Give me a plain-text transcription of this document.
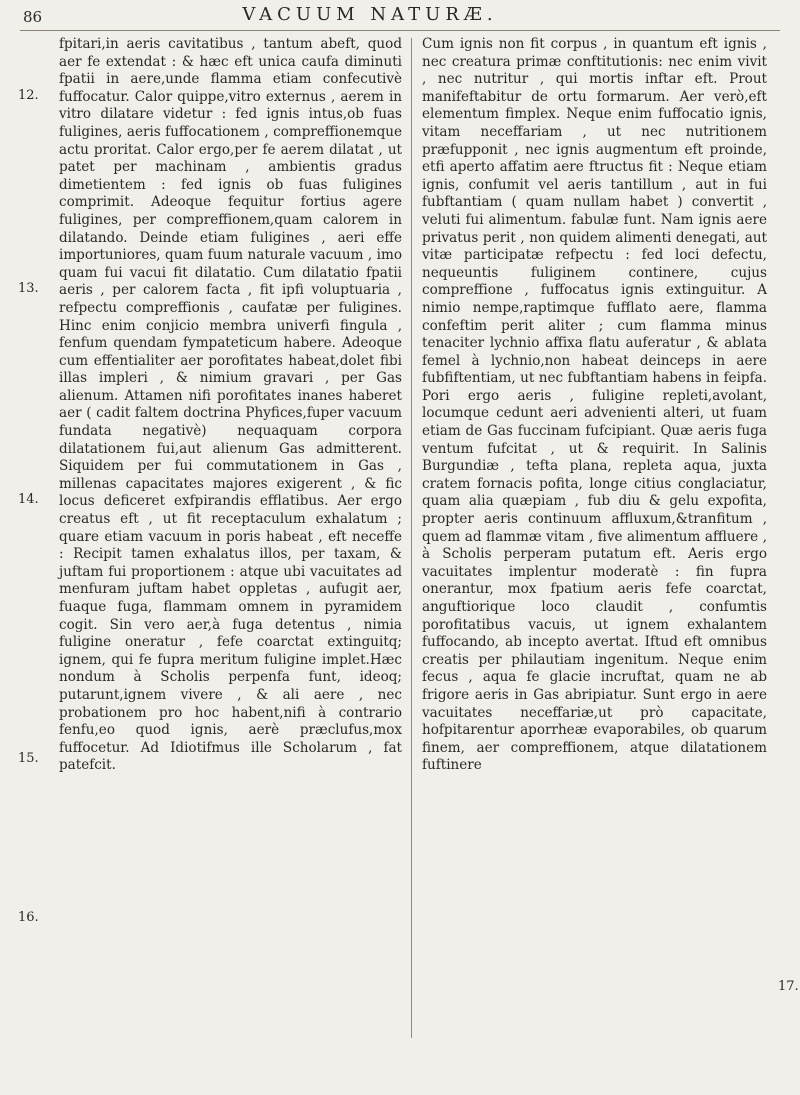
86	VACUUM NATURÆ.
12.
13.
14.
15.
16.
17.

fpitari,in aeris cavitatibus , tantum abeft, quod aer fe extendat : & hæc eft unica caufa diminuti fpatii in aere,unde flamma etiam confecutivè fuffocatur. Calor quippe,vitro externus , aerem in vitro dilatare videtur : fed ignis intus,ob fuas fuligines, aeris fuffocationem , compreffionemque actu proritat. Calor ergo,per fe aerem dilatat , ut patet per machinam , ambientis gradus dimetientem : fed ignis ob fuas fuligines comprimit. Adeoque fequitur fortius agere fuligines, per compreffionem,quam calorem in dilatando. Deinde etiam fuligines , aeri effe importuniores, quam fuum naturale vacuum , imo quam fui vacui fit dilatatio. Cum dilatatio fpatii aeris , per calorem facta , fit ipfi voluptuaria , refpectu compreffionis , caufatæ per fuligines. Hinc enim conjicio membra univerfi fingula , fenfum quendam fympateticum habere. Adeoque cum effentialiter aer porofitates habeat,dolet fibi illas impleri , & nimium gravari , per Gas alienum. Attamen nifi porofitates inanes haberet aer ( cadit faltem doctrina Phyfices,fuper vacuum fundata negativè) nequaquam corpora dilatationem fui,aut alienum Gas admitterent. Siquidem per fui commutationem in Gas , millenas capacitates majores exigerent , & fic locus deficeret exfpirandis efflatibus. Aer ergo creatus eft , ut fit receptaculum exhalatum ; quare etiam vacuum in poris habeat , eft neceffe : Recipit tamen exhalatus illos, per taxam, & juftam fui proportionem : atque ubi vacuitates ad menfuram juftam habet oppletas , aufugit aer, fuaque fuga, flammam omnem in pyramidem cogit. Sin vero aer,à fuga detentus , nimia fuligine oneratur , fefe coarctat extinguitq; ignem, qui fe fupra meritum fuligine implet.Hæc nondum à Scholis perpenfa funt, ideoq; putarunt,ignem vivere , & ali aere , nec probationem pro hoc habent,nifi à contrario fenfu,eo quod ignis, aerè præclufus,mox fuffocetur. Ad Idiotifmus ille Scholarum , fat patefcit.

Cum ignis non fit corpus , in quantum eft ignis , nec creatura primæ conftitutionis: nec enim vivit , nec nutritur , qui mortis inftar eft. Prout manifeftabitur de ortu formarum. Aer verò,eft elementum fimplex. Neque enim fuffocatio ignis, vitam neceffariam , ut nec nutritionem præfupponit , nec ignis augmentum eft proinde, etfi aperto affatim aere ftructus fit : Neque etiam ignis, confumit vel aeris tantillum , aut in fui fubftantiam ( quam nullam habet ) convertit , veluti fui alimentum. fabulæ funt. Nam ignis aere privatus perit , non quidem alimenti denegati, aut vitæ participatæ refpectu : fed loci defectu, nequeuntis fuliginem continere, cujus compreffione , fuffocatus ignis extinguitur. A nimio nempe,raptimque fufflato aere, flamma confeftim perit aliter ; cum flamma minus tenaciter lychnio affixa flatu auferatur , & ablata femel à lychnio,non habeat deinceps in aere fubfiftentiam, ut nec fubftantiam habens in feipfa. Pori ergo aeris , fuligine repleti,avolant, locumque cedunt aeri advenienti alteri, ut fuam etiam de Gas fuccinam fufcipiant. Quæ aeris fuga ventum fufcitat , ut & requirit. In Salinis Burgundiæ , tefta plana, repleta aqua, juxta cratem fornacis pofita, longe citius conglaciatur, quam alia quæpiam , fub diu & gelu expofita, propter aeris continuum affluxum,&tranfitum , quem ad flammæ vitam , five alimentum affluere , à Scholis perperam putatum eft. Aeris ergo vacuitates implentur moderatè : fin fupra onerantur, mox fpatium aeris fefe coarctat, anguftiorique loco claudit , confumtis porofitatibus vacuis, ut ignem exhalantem fuffocando, ab incepto avertat. Iftud eft omnibus creatis per philautiam ingenitum. Neque enim fecus , aqua fe glacie incruftat, quam ne ab frigore aeris in Gas abripiatur. Sunt ergo in aere vacuitates neceffariæ,ut prò capacitate, hofpitarentur aporrheæ evaporabiles, ob quarum finem, aer compreffionem, atque dilatationem fuftinere
